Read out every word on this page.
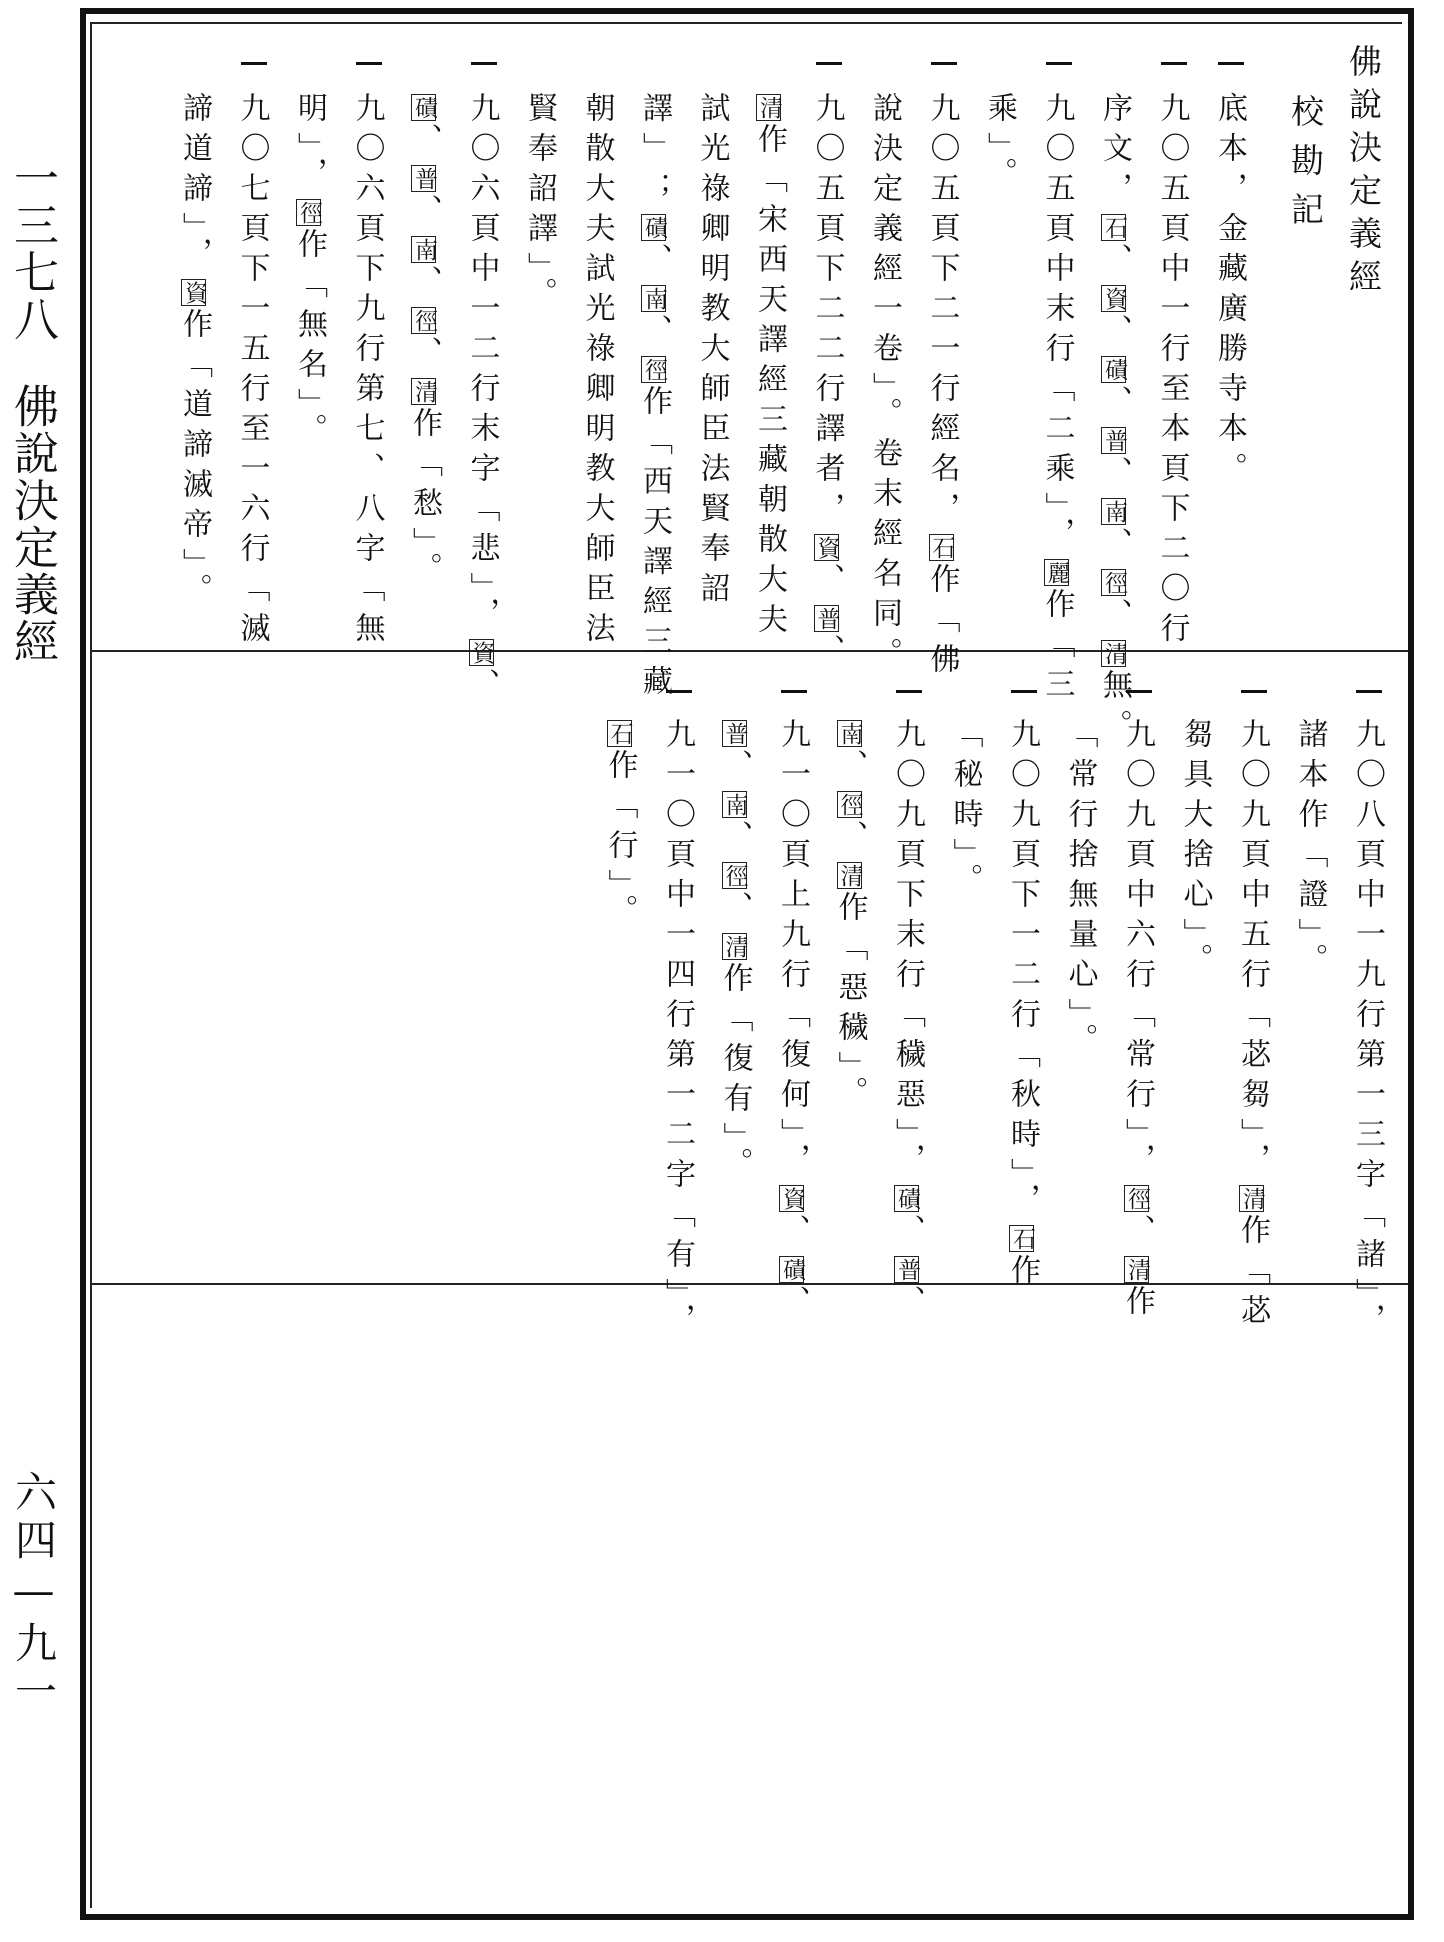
一三七八佛說決定義經
六四—九一
佛說決定義經
校勘記
底本，金藏廣勝寺本。
九〇五頁中一行至本頁下二〇行
序文，石、資、磧、普、南、徑、清無。
九〇五頁中末行「二乘」，麗作「三
乘」。
九〇五頁下二一行經名，石作「佛
說決定義經一卷」。卷末經名同。
九〇五頁下二二行譯者，資、普、
清作「宋西天譯經三藏朝散大夫
試光祿卿明教大師臣法賢奉詔
譯」；磧、南、徑作「西天譯經三藏
朝散大夫試光祿卿明教大師臣法
賢奉詔譯」。
九〇六頁中一二行末字「悲」，資、
磧、普、南、徑、清作「愁」。
九〇六頁下九行第七、八字「無
明」，徑作「無名」。
九〇七頁下一五行至一六行「滅
諦道諦」，資作「道諦滅帝」。
九〇八頁中一九行第一三字「諸」，
諸本作「證」。
九〇九頁中五行「苾芻」，清作「苾
芻具大捨心」。
九〇九頁中六行「常行」，徑、清作
「常行捨無量心」。
九〇九頁下一二行「秋時」，石作
「秘時」。
九〇九頁下末行「穢惡」，磧、普、
南、徑、清作「惡穢」。
九一〇頁上九行「復何」，資、磧、
普、南、徑、清作「復有」。
九一〇頁中一四行第一二字「有」，
石作「行」。
